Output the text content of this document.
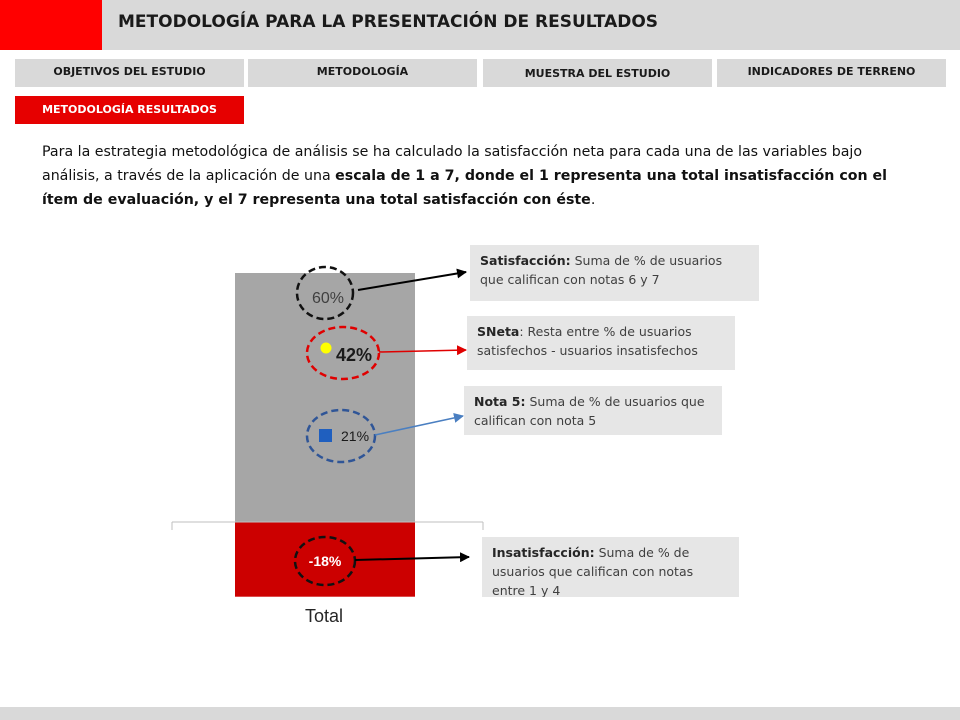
METODOLOGÍA PARA LA PRESENTACIÓN DE RESULTADOS
OBJETIVOS DEL ESTUDIO	METODOLOGÍA	MUESTRA DEL ESTUDIO	INDICADORES DE TERRENO
METODOLOGÍA RESULTADOS
Para la estrategia metodológica de análisis se ha calculado la satisfacción neta para cada una de las variables bajo análisis, a través de la aplicación de una escala de 1 a 7, donde el 1 representa una total insatisfacción con el ítem de evaluación, y el 7 representa una total satisfacción con éste.
60%
-18%
42%
21%
Total
Satisfacción: Suma de % de usuarios que califican con notas 6 y 7
SNeta: Resta entre % de usuarios satisfechos - usuarios insatisfechos
Nota 5: Suma de % de usuarios que califican con nota 5
Insatisfacción: Suma de % de usuarios que califican con notas entre 1 y 4
